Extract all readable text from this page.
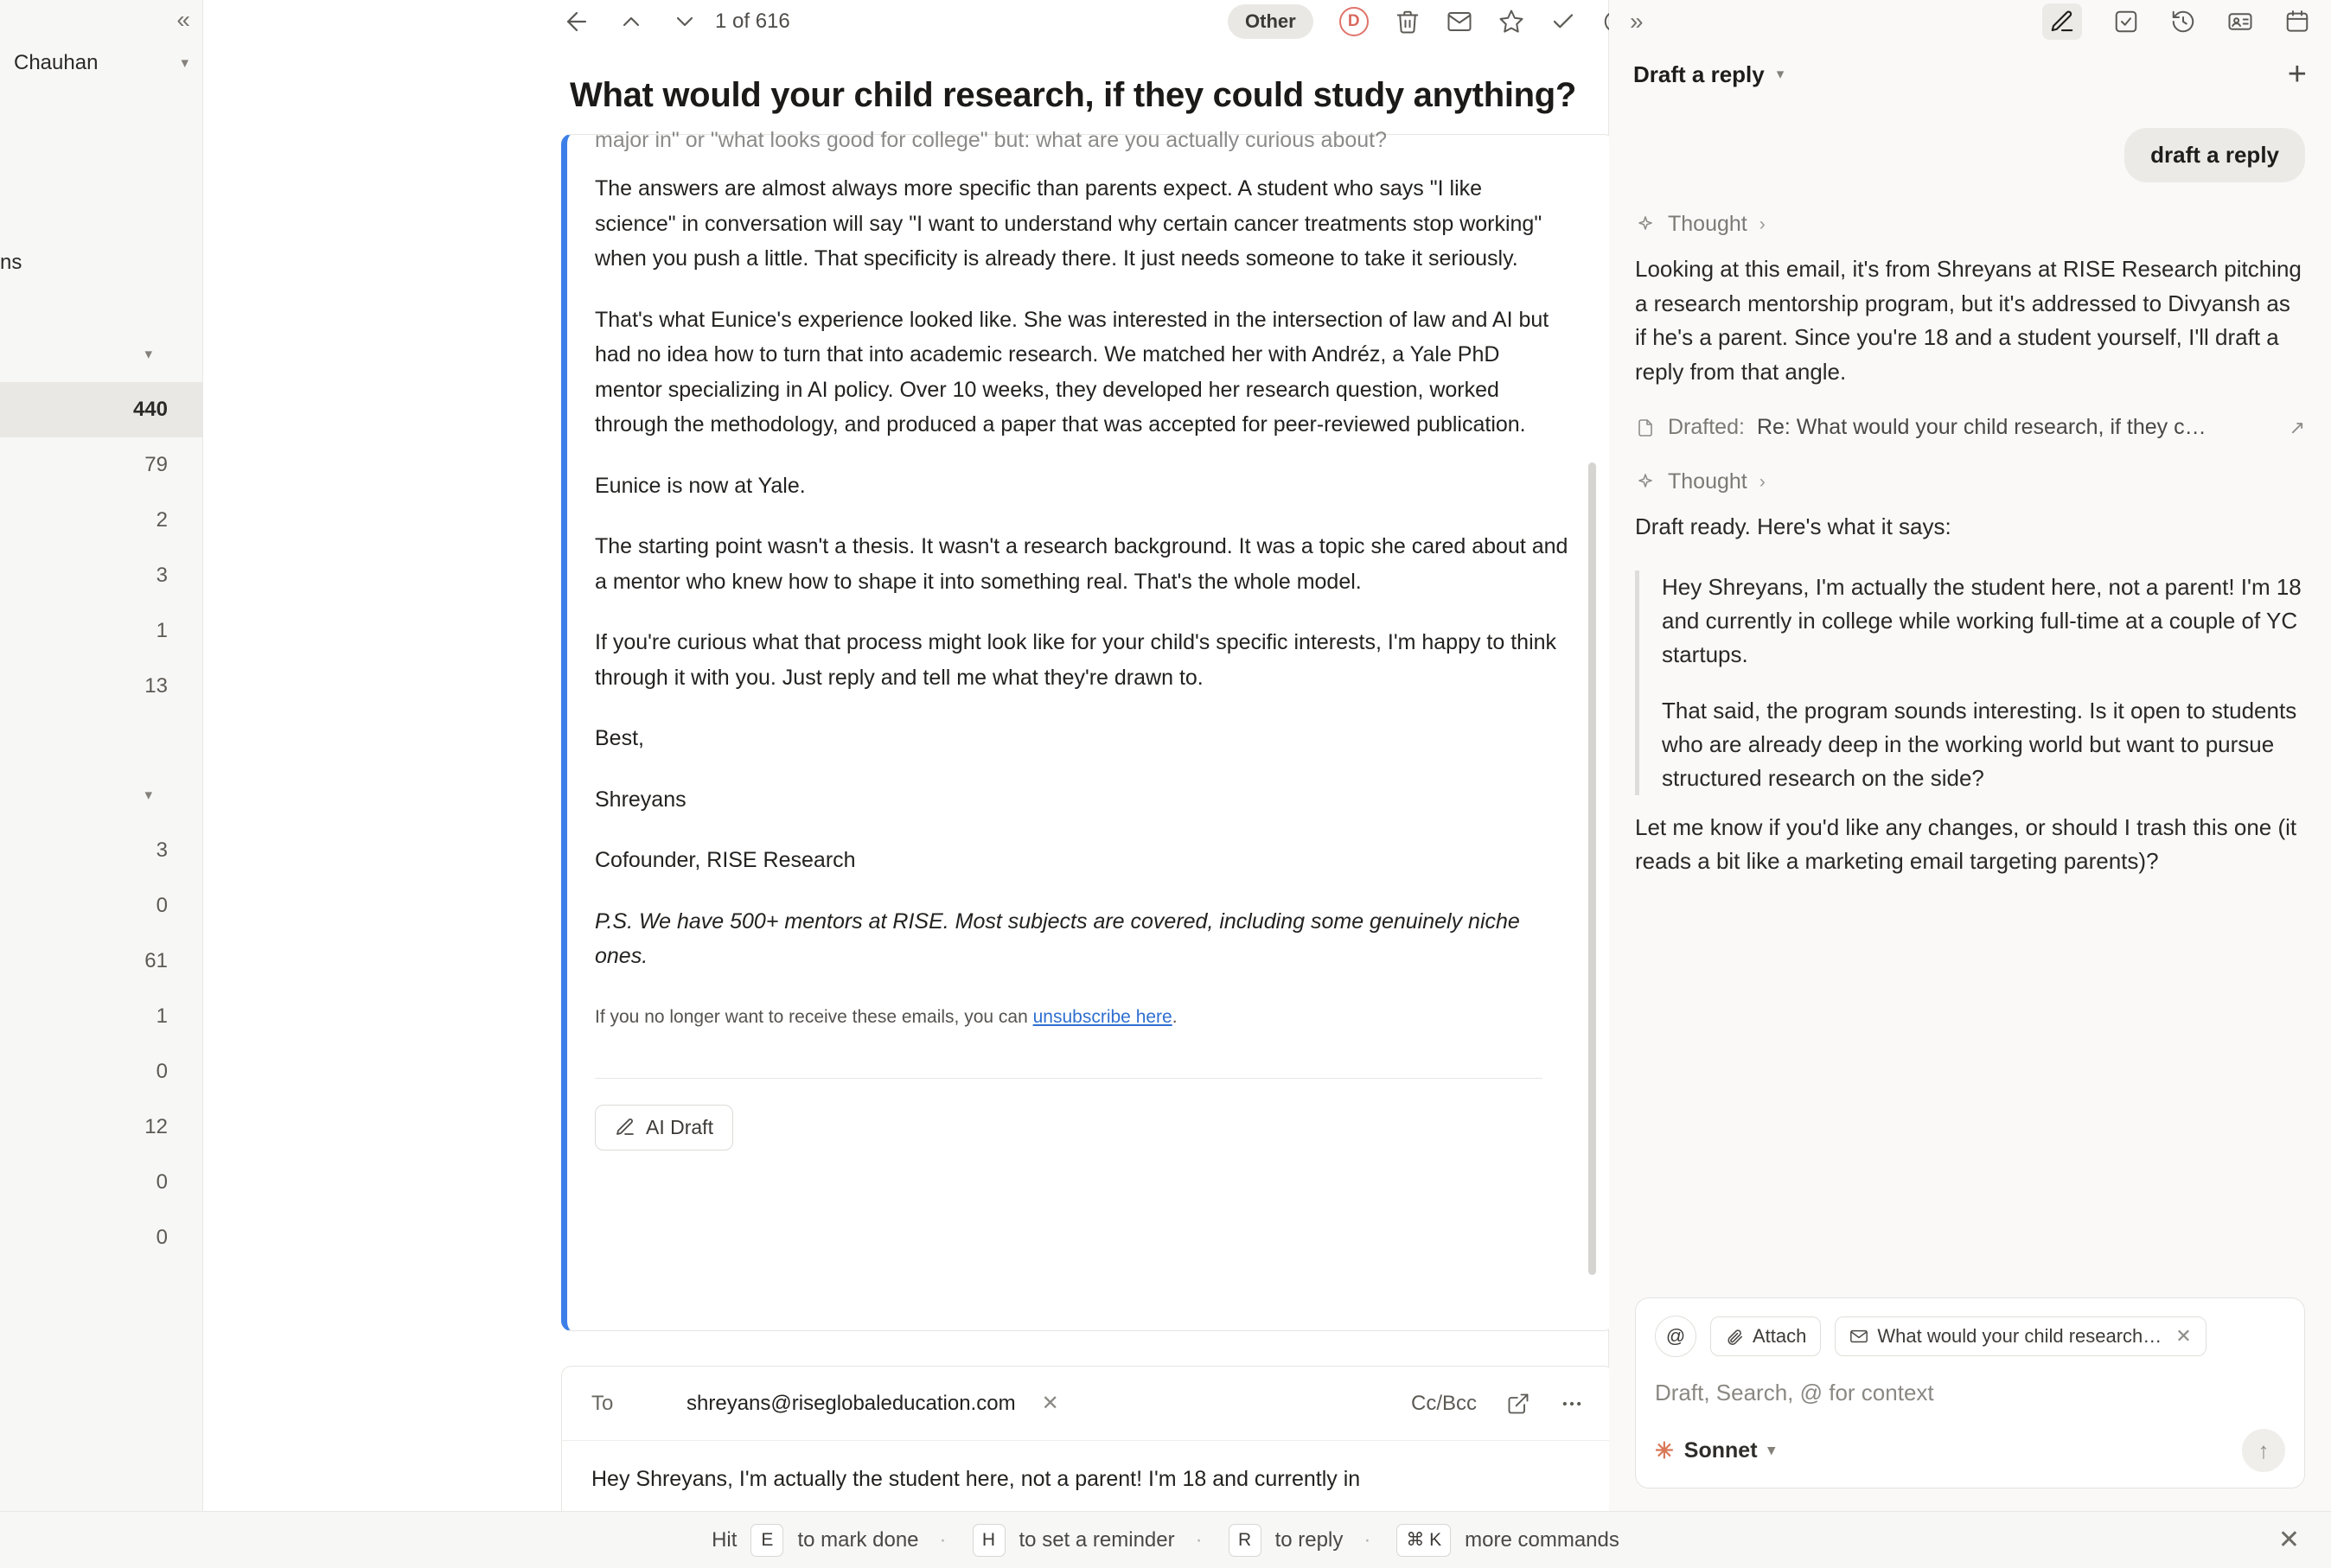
«
Chauhan	▾
ns
▾
440
79
2
3
1
13
▾
3
0
61
1
0
12
0
0
1 of 616	Other	D
What would your child research, if they could study anything?
major in" or "what looks good for college" but: what are you actually curious about?

The answers are almost always more specific than parents expect. A student who says "I like science" in conversation will say "I want to understand why certain cancer treatments stop working" when you push a little. That specificity is already there. It just needs someone to take it seriously.

That's what Eunice's experience looked like. She was interested in the intersection of law and AI but had no idea how to turn that into academic research. We matched her with Andréz, a Yale PhD mentor specializing in AI policy. Over 10 weeks, they developed her research question, worked through the methodology, and produced a paper that was accepted for peer-reviewed publication.

Eunice is now at Yale.

The starting point wasn't a thesis. It wasn't a research background. It was a topic she cared about and a mentor who knew how to shape it into something real. That's the whole model.

If you're curious what that process might look like for your child's specific interests, I'm happy to think through it with you. Just reply and tell me what they're drawn to.

Best,

Shreyans

Cofounder, RISE Research

P.S. We have 500+ mentors at RISE. Most subjects are covered, including some genuinely niche ones.

If you no longer want to receive these emails, you can unsubscribe here.
AI Draft
To	shreyans@riseglobaleducation.com ✕	Cc/Bcc
Hey Shreyans, I'm actually the student here, not a parent! I'm 18 and currently in
»
Draft a reply ▾	+
draft a reply
Thought ›
Looking at this email, it's from Shreyans at RISE Research pitching a research mentorship program, but it's addressed to Divyansh as if he's a parent. Since you're 18 and a student yourself, I'll draft a reply from that angle.
Drafted: Re: What would your child research, if they c…	↗
Thought ›
Draft ready. Here's what it says:

Hey Shreyans, I'm actually the student here, not a parent! I'm 18 and currently in college while working full-time at a couple of YC startups.

That said, the program sounds interesting. Is it open to students who are already deep in the working world but want to pursue structured research on the side?

Let me know if you'd like any changes, or should I trash this one (it reads a bit like a marketing email targeting parents)?
@	Attach	What would your child research… ✕
Draft, Search, @ for context
✳ Sonnet ▾	↑
Hit	E	to mark done ·	H	to set a reminder ·	R	to reply ·	⌘ K	more commands	✕
